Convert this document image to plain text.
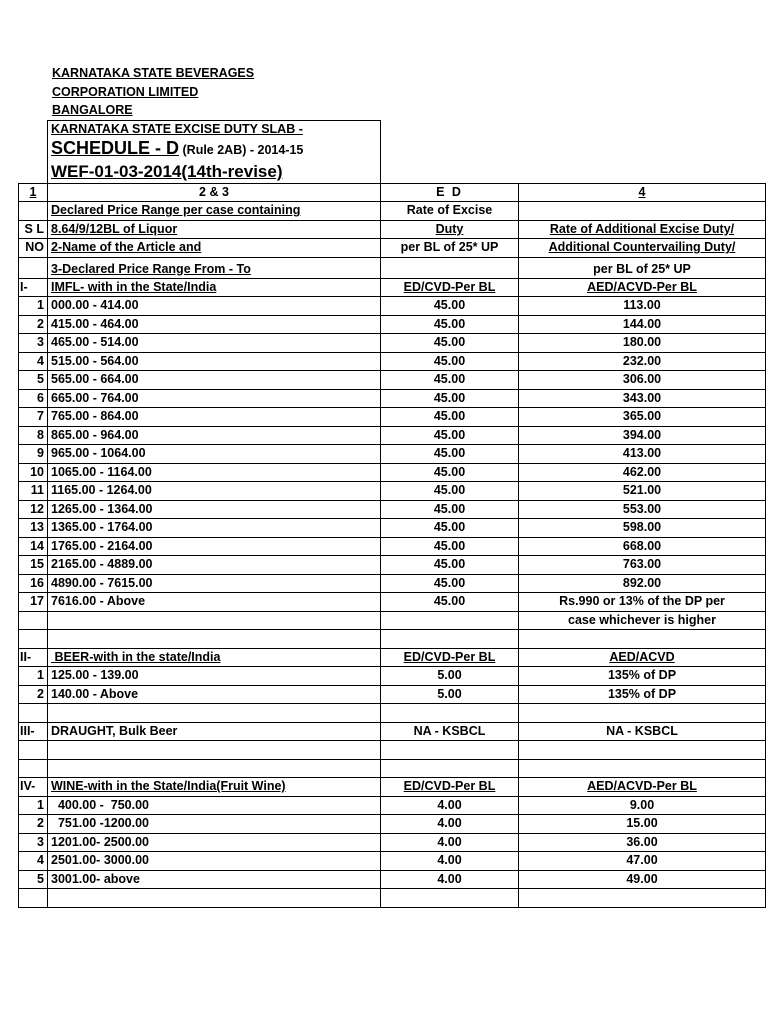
KARNATAKA STATE BEVERAGES
CORPORATION LIMITED
BANGALORE
	KARNATAKA STATE EXCISE DUTY SLAB -		
	SCHEDULE - D (Rule 2AB) - 2014-15		
	WEF-01-03-2014(14th-revise)		
1	2 & 3	E D	4
	Declared Price Range per case containing	Rate of Excise	
S L	8.64/9/12BL of Liquor	Duty	Rate of Additional Excise Duty/
NO	2-Name of the Article and	per BL of 25* UP	Additional Countervailing Duty/
	3-Declared Price Range From - To		per BL of 25* UP
I-	IMFL- with in the State/India	ED/CVD-Per BL	AED/ACVD-Per BL
1	000.00 - 414.00	45.00	113.00
2	415.00 - 464.00	45.00	144.00
3	465.00 - 514.00	45.00	180.00
4	515.00 - 564.00	45.00	232.00
5	565.00 - 664.00	45.00	306.00
6	665.00 - 764.00	45.00	343.00
7	765.00 - 864.00	45.00	365.00
8	865.00 - 964.00	45.00	394.00
9	965.00 - 1064.00	45.00	413.00
10	1065.00 - 1164.00	45.00	462.00
11	1165.00 - 1264.00	45.00	521.00
12	1265.00 - 1364.00	45.00	553.00
13	1365.00 - 1764.00	45.00	598.00
14	1765.00 - 2164.00	45.00	668.00
15	2165.00 - 4889.00	45.00	763.00
16	4890.00 - 7615.00	45.00	892.00
17	7616.00 - Above	45.00	Rs.990 or 13% of the DP per
			case whichever is higher

II-	BEER-with in the state/India	ED/CVD-Per BL	AED/ACVD
1	125.00 - 139.00	5.00	135% of DP
2	140.00 - Above	5.00	135% of DP

III-	DRAUGHT, Bulk Beer	NA - KSBCL	NA - KSBCL

IV-	WINE-with in the State/India(Fruit Wine)	ED/CVD-Per BL	AED/ACVD-Per BL
1	400.00 -  750.00	4.00	9.00
2	751.00 -1200.00	4.00	15.00
3	1201.00- 2500.00	4.00	36.00
4	2501.00- 3000.00	4.00	47.00
5	3001.00- above	4.00	49.00
